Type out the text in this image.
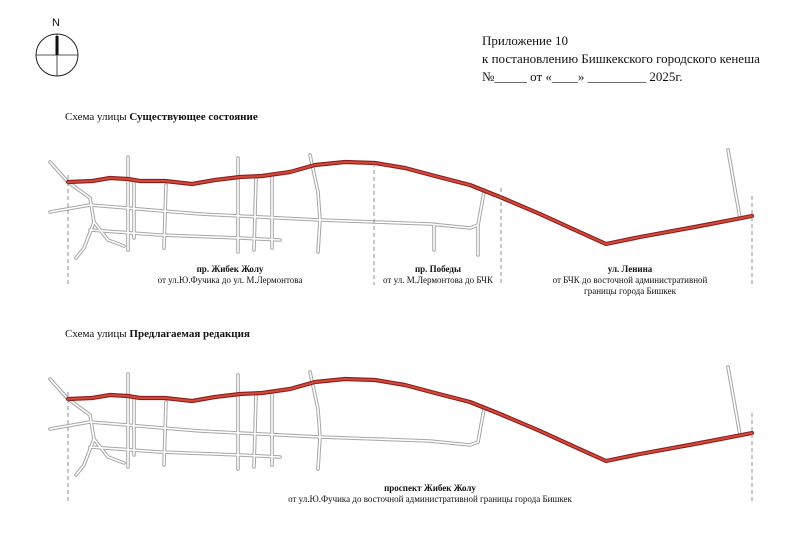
N
Приложение 10
к постановлению Бишкекского городского кенеша
№_____ от «____» _________ 2025г.
Схема улицы Существующее состояние
пр. Жибек Жолу
от ул.Ю.Фучика до ул. М.Лермонтова
пр. Победы
от ул. М.Лермонтова до БЧК
ул. Ленина
от БЧК до восточной административной
границы города Бишкек
Схема улицы Предлагаемая редакция
проспект Жибек Жолу
от ул.Ю.Фучика до восточной административной границы города Бишкек
